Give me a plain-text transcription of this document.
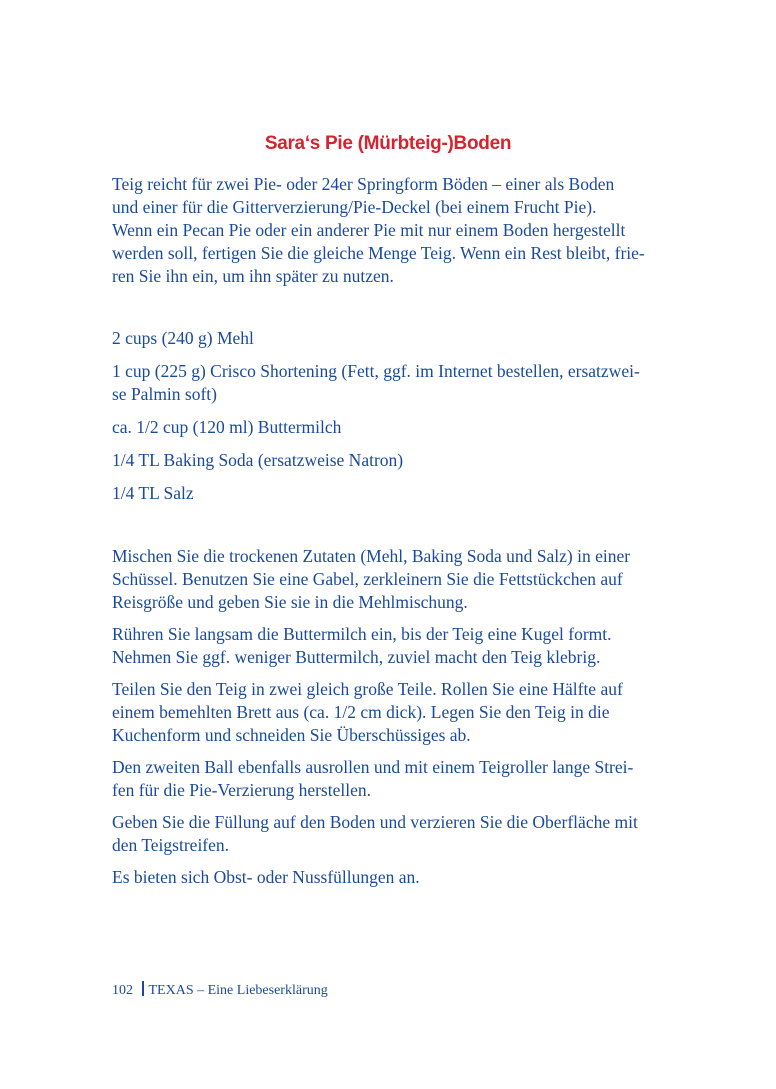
Sara‘s Pie (Mürbteig-)Boden
Teig reicht für zwei Pie- oder 24er Springform Böden – einer als Boden
und einer für die Gitterverzierung/Pie-Deckel (bei einem Frucht Pie).
Wenn ein Pecan Pie oder ein anderer Pie mit nur einem Boden hergestellt
werden soll, fertigen Sie die gleiche Menge Teig. Wenn ein Rest bleibt, frie-
ren Sie ihn ein, um ihn später zu nutzen.
2 cups (240 g) Mehl
1 cup (225 g) Crisco Shortening (Fett, ggf. im Internet bestellen, ersatzwei-
se Palmin soft)
ca. 1/2 cup (120 ml) Buttermilch
1/4 TL Baking Soda (ersatzweise Natron)
1/4 TL Salz
Mischen Sie die trockenen Zutaten (Mehl, Baking Soda und Salz) in einer
Schüssel. Benutzen Sie eine Gabel, zerkleinern Sie die Fettstückchen auf
Reisgröße und geben Sie sie in die Mehlmischung.
Rühren Sie langsam die Buttermilch ein, bis der Teig eine Kugel formt.
Nehmen Sie ggf. weniger Buttermilch, zuviel macht den Teig klebrig.
Teilen Sie den Teig in zwei gleich große Teile. Rollen Sie eine Hälfte auf
einem bemehlten Brett aus (ca. 1/2 cm dick). Legen Sie den Teig in die
Kuchenform und schneiden Sie Überschüssiges ab.
Den zweiten Ball ebenfalls ausrollen und mit einem Teigroller lange Strei-
fen für die Pie-Verzierung herstellen.
Geben Sie die Füllung auf den Boden und verzieren Sie die Oberfläche mit
den Teigstreifen.
Es bieten sich Obst- oder Nussfüllungen an.
102 TEXAS – Eine Liebeserklärung
